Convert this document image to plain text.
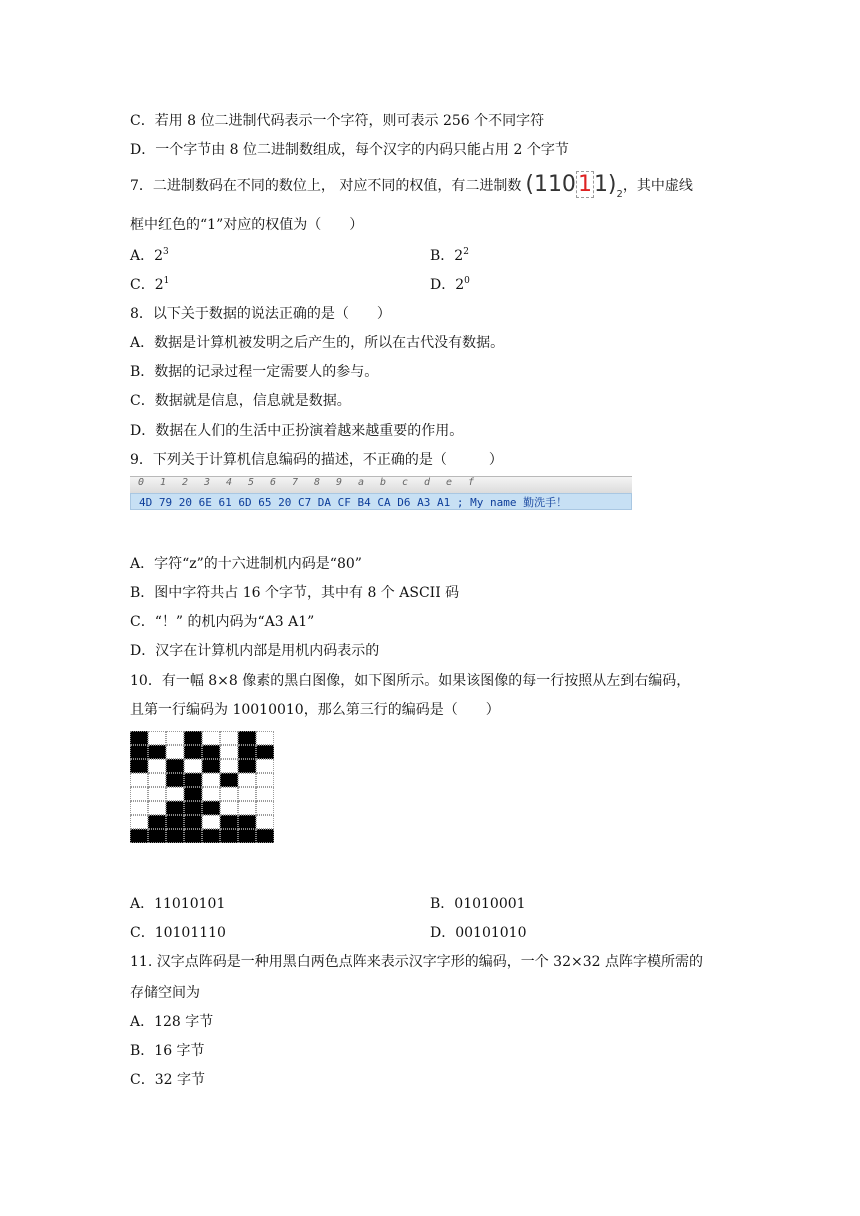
C．若用 8 位二进制代码表示一个字符，则可表示 256 个不同字符
D．一个字节由 8 位二进制数组成，每个汉字的内码只能占用 2 个字节
7．二进制数码在不同的数位上， 对应不同的权值，有二进制数 $(11011)_2$，其中虚线
框中红色的“1”对应的权值为（　　）
A．$2^3$	B．$2^2$
C．$2^1$	D．$2^0$
8．以下关于数据的说法正确的是（　　）
A．数据是计算机被发明之后产生的，所以在古代没有数据。
B．数据的记录过程一定需要人的参与。
C．数据就是信息，信息就是数据。
D．数据在人们的生活中正扮演着越来越重要的作用。
9．下列关于计算机信息编码的描述，不正确的是（　　　）
0	1	2	3	4	5	6	7	8	9	a	b	c	d	e	f
4D 79 20 6E 61 6D 65 20 C7 DA CF B4 CA D6 A3 A1 ; My name 勤洗手！
A．字符“z”的十六进制机内码是“80”
B．图中字符共占 16 个字节，其中有 8 个 ASCII 码
C．“！” 的机内码为“A3 A1”
D．汉字在计算机内部是用机内码表示的
10．有一幅 8×8 像素的黑白图像，如下图所示。如果该图像的每一行按照从左到右编码，
且第一行编码为 10010010，那么第三行的编码是（　　）
A．11010101	B．01010001
C．10101110	D．00101010
11. 汉字点阵码是一种用黑白两色点阵来表示汉字字形的编码，一个 32×32 点阵字模所需的
存储空间为
A．128 字节
B．16 字节
C．32 字节
